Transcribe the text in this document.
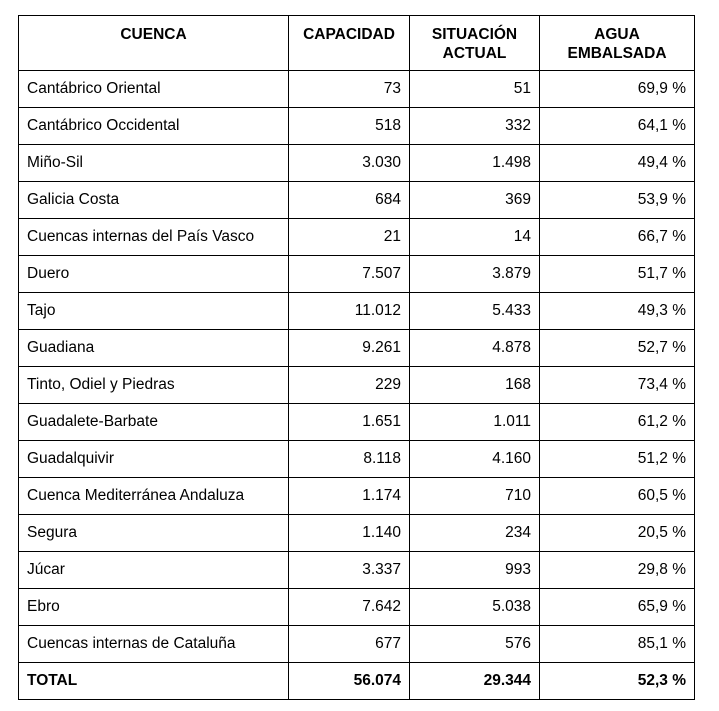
CUENCA	CAPACIDAD	SITUACIÓN ACTUAL	AGUA EMBALSADA
Cantábrico Oriental	73	51	69,9 %
Cantábrico Occidental	518	332	64,1 %
Miño-Sil	3.030	1.498	49,4 %
Galicia Costa	684	369	53,9 %
Cuencas internas del País Vasco	21	14	66,7 %
Duero	7.507	3.879	51,7 %
Tajo	11.012	5.433	49,3 %
Guadiana	9.261	4.878	52,7 %
Tinto, Odiel y Piedras	229	168	73,4 %
Guadalete-Barbate	1.651	1.011	61,2 %
Guadalquivir	8.118	4.160	51,2 %
Cuenca Mediterránea Andaluza	1.174	710	60,5 %
Segura	1.140	234	20,5 %
Júcar	3.337	993	29,8 %
Ebro	7.642	5.038	65,9 %
Cuencas internas de Cataluña	677	576	85,1 %
TOTAL	56.074	29.344	52,3 %
